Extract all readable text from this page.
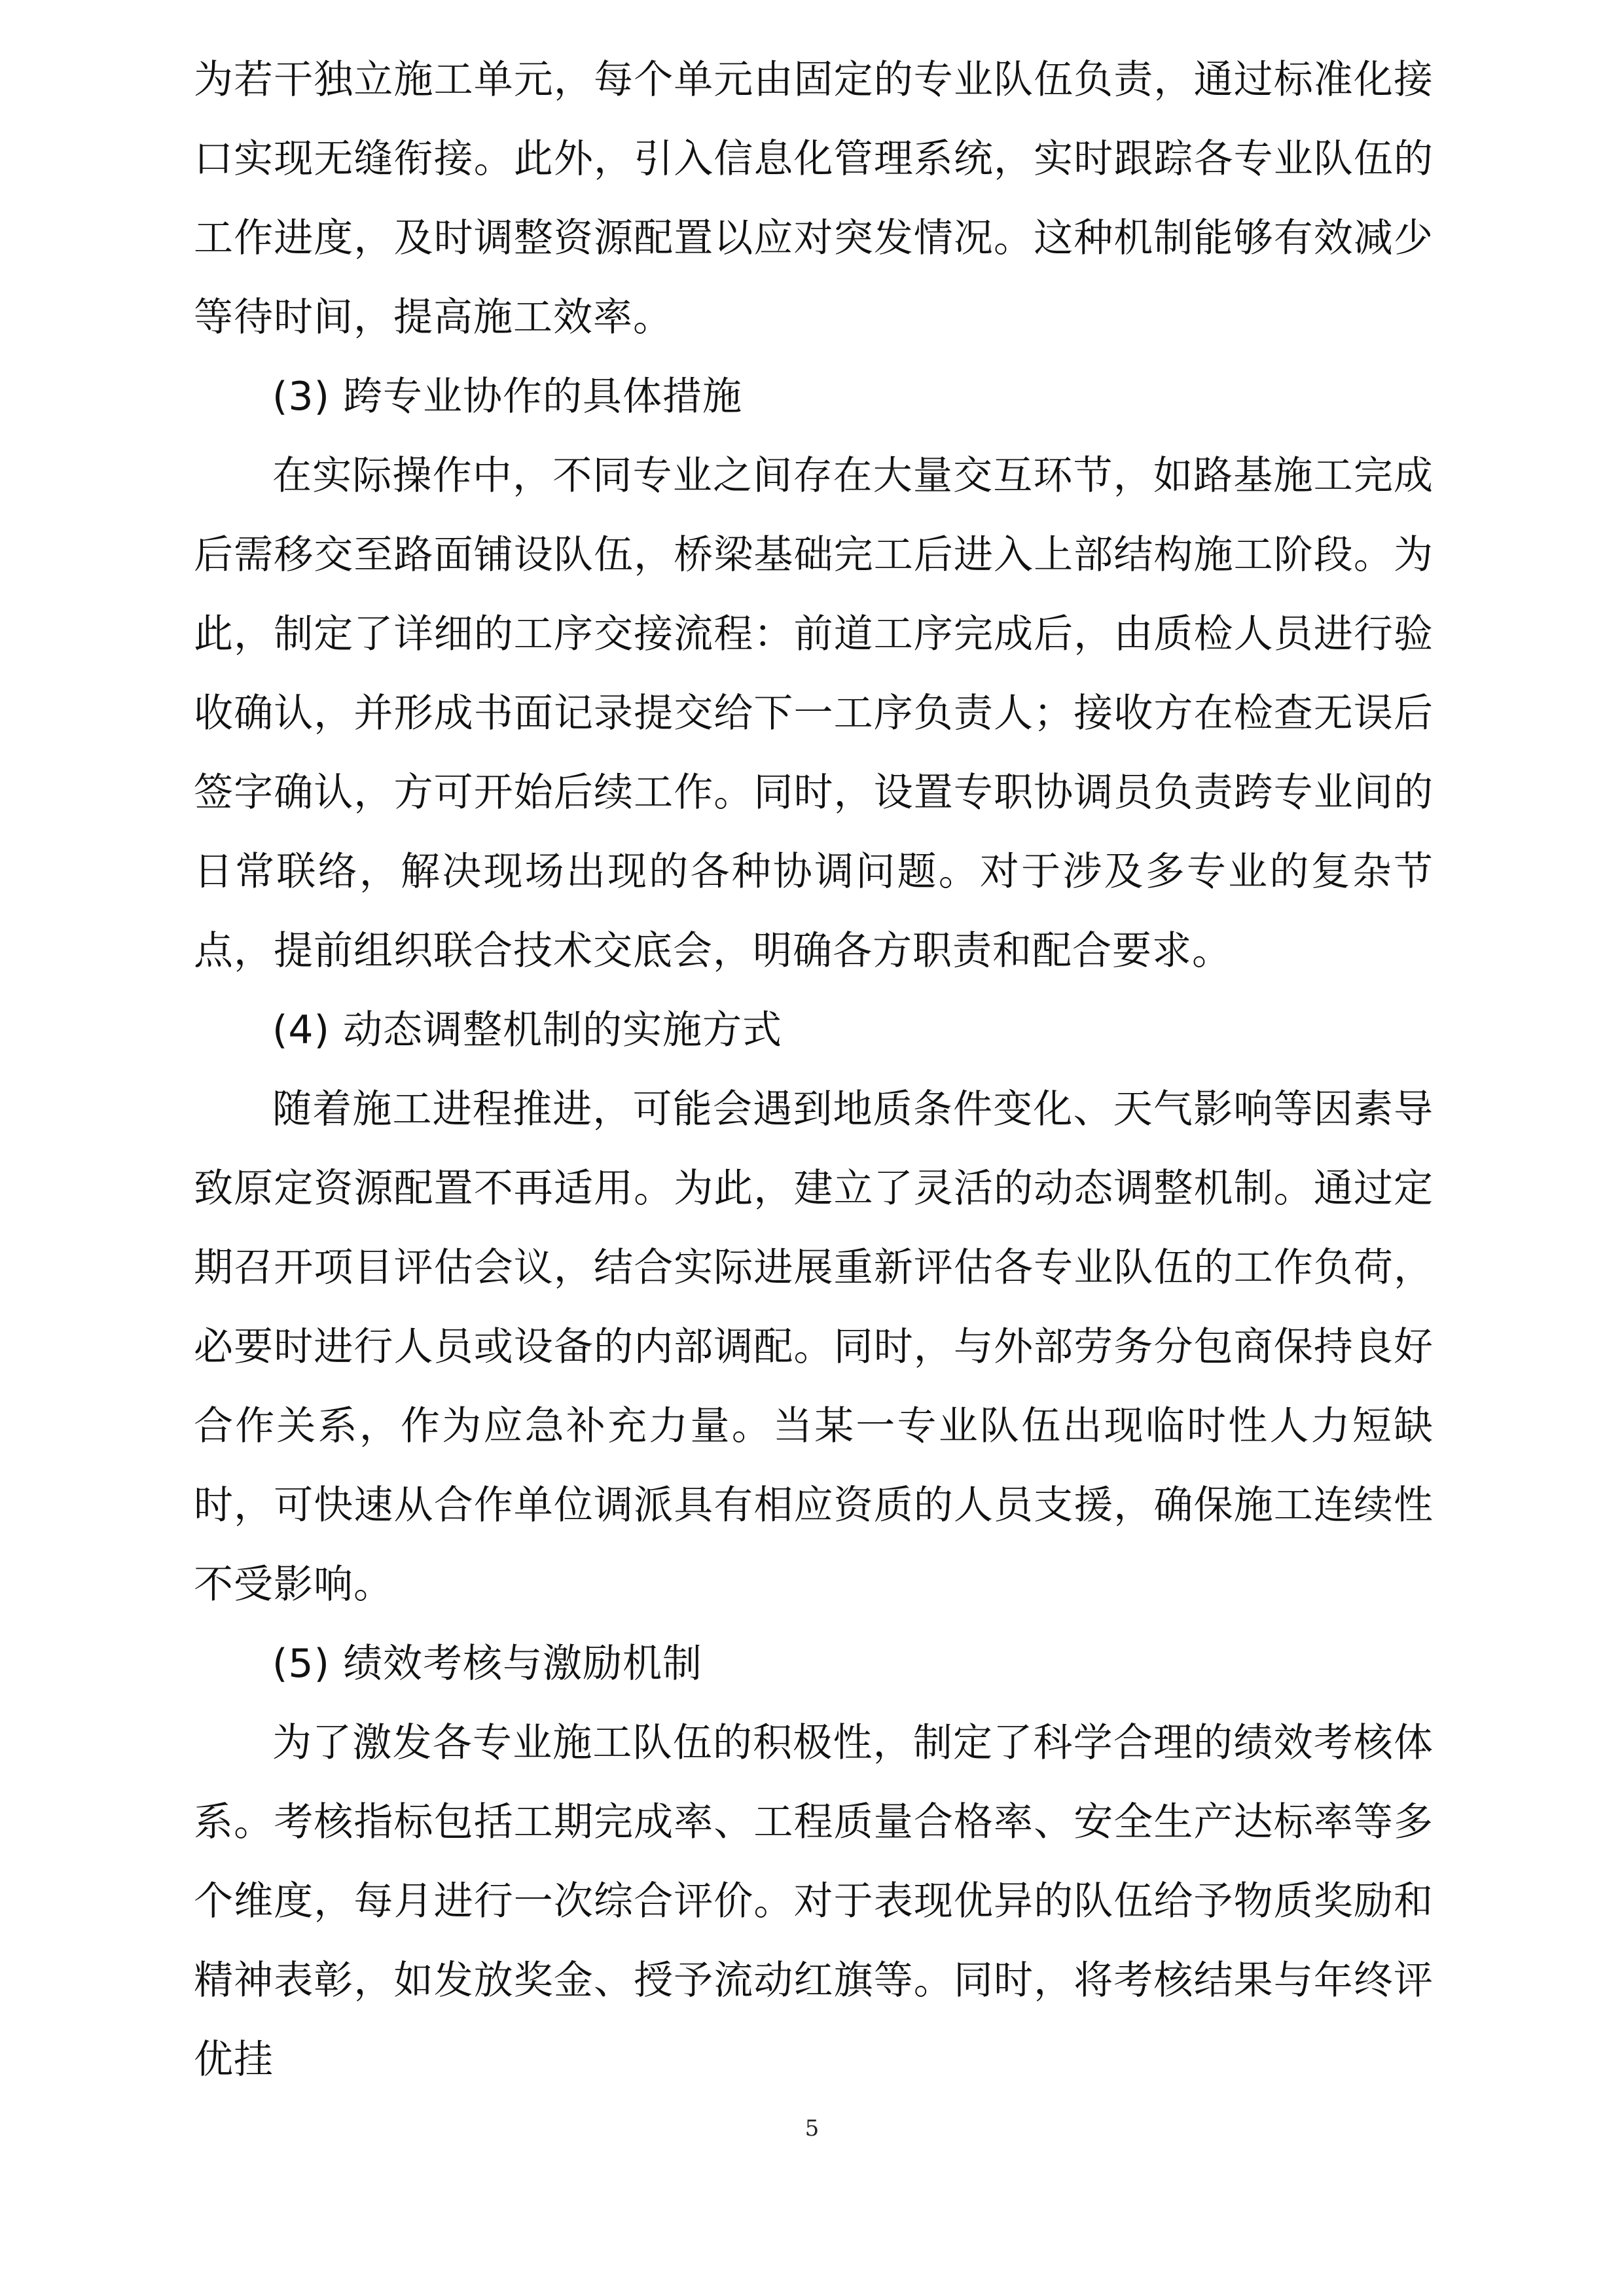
为若干独立施工单元，每个单元由固定的专业队伍负责，通过标准化接口实现无缝衔接。此外，引入信息化管理系统，实时跟踪各专业队伍的工作进度，及时调整资源配置以应对突发情况。这种机制能够有效减少等待时间，提高施工效率。

(3) 跨专业协作的具体措施

在实际操作中，不同专业之间存在大量交互环节，如路基施工完成后需移交至路面铺设队伍，桥梁基础完工后进入上部结构施工阶段。为此，制定了详细的工序交接流程：前道工序完成后，由质检人员进行验收确认，并形成书面记录提交给下一工序负责人；接收方在检查无误后签字确认，方可开始后续工作。同时，设置专职协调员负责跨专业间的日常联络，解决现场出现的各种协调问题。对于涉及多专业的复杂节点，提前组织联合技术交底会，明确各方职责和配合要求。

(4) 动态调整机制的实施方式

随着施工进程推进，可能会遇到地质条件变化、天气影响等因素导致原定资源配置不再适用。为此，建立了灵活的动态调整机制。通过定期召开项目评估会议，结合实际进展重新评估各专业队伍的工作负荷，必要时进行人员或设备的内部调配。同时，与外部劳务分包商保持良好合作关系，作为应急补充力量。当某一专业队伍出现临时性人力短缺时，可快速从合作单位调派具有相应资质的人员支援，确保施工连续性不受影响。

(5) 绩效考核与激励机制

为了激发各专业施工队伍的积极性，制定了科学合理的绩效考核体系。考核指标包括工期完成率、工程质量合格率、安全生产达标率等多个维度，每月进行一次综合评价。对于表现优异的队伍给予物质奖励和精神表彰，如发放奖金、授予流动红旗等。同时，将考核结果与年终评优挂

5
